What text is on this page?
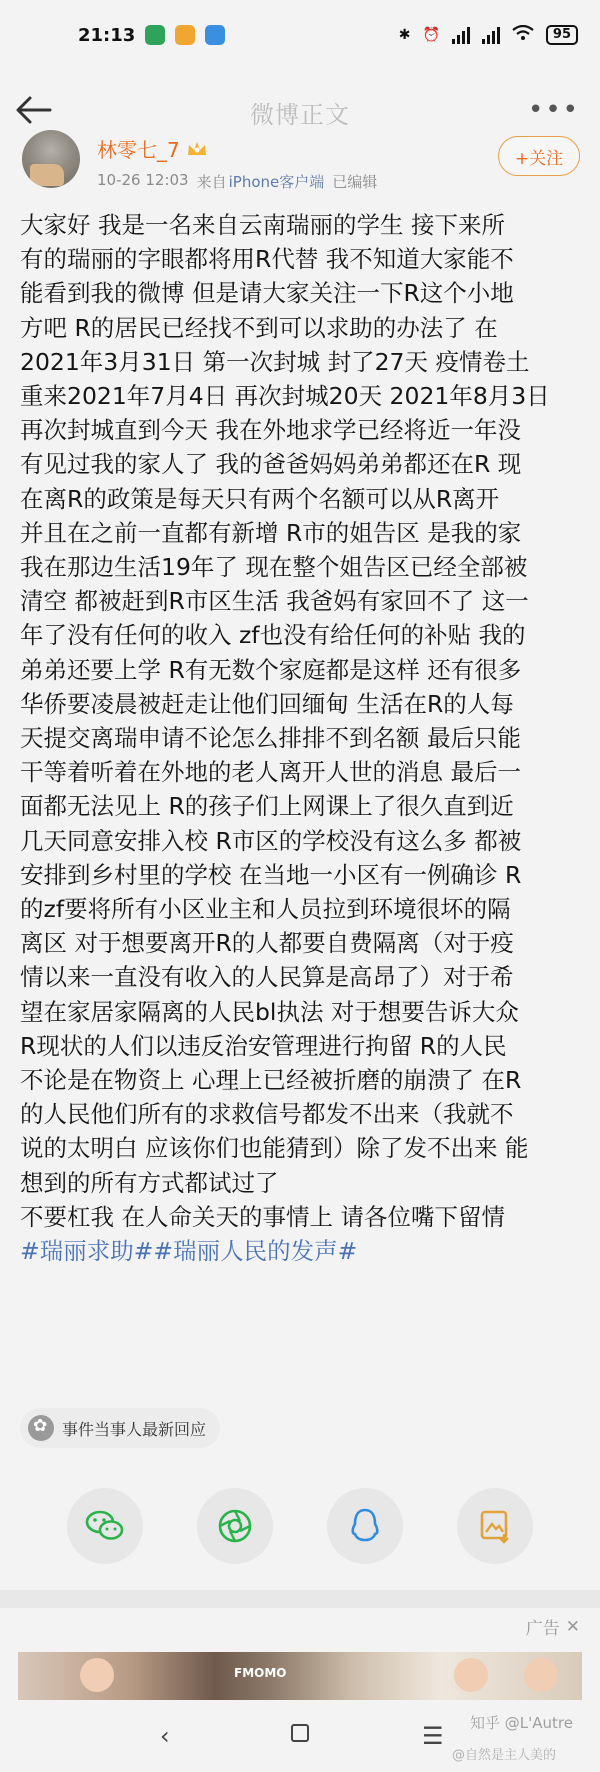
21:13	✱ ⏰	95
微博正文	•••
林零七_7
10-26 12:03 来自 iPhone客户端 已编辑
+关注
大家好 我是一名来自云南瑞丽的学生 接下来所
有的瑞丽的字眼都将用R代替 我不知道大家能不
能看到我的微博 但是请大家关注一下R这个小地
方吧 R的居民已经找不到可以求助的办法了 在
2021年3月31日 第一次封城 封了27天 疫情卷土
重来2021年7月4日 再次封城20天 2021年8月3日
再次封城直到今天 我在外地求学已经将近一年没
有见过我的家人了 我的爸爸妈妈弟弟都还在R 现
在离R的政策是每天只有两个名额可以从R离开
并且在之前一直都有新增 R市的姐告区 是我的家
我在那边生活19年了 现在整个姐告区已经全部被
清空 都被赶到R市区生活 我爸妈有家回不了 这一
年了没有任何的收入 zf也没有给任何的补贴 我的
弟弟还要上学 R有无数个家庭都是这样 还有很多
华侨要凌晨被赶走让他们回缅甸 生活在R的人每
天提交离瑞申请不论怎么排排不到名额 最后只能
干等着听着在外地的老人离开人世的消息 最后一
面都无法见上 R的孩子们上网课上了很久直到近
几天同意安排入校 R市区的学校没有这么多 都被
安排到乡村里的学校 在当地一小区有一例确诊 R
的zf要将所有小区业主和人员拉到环境很坏的隔
离区 对于想要离开R的人都要自费隔离（对于疫
情以来一直没有收入的人民算是高昂了）对于希
望在家居家隔离的人民bl执法 对于想要告诉大众
R现状的人们以违反治安管理进行拘留 R的人民
不论是在物资上 心理上已经被折磨的崩溃了 在R
的人民他们所有的求救信号都发不出来（我就不
说的太明白 应该你们也能猜到）除了发不出来 能
想到的所有方式都试过了
不要杠我 在人命关天的事情上 请各位嘴下留情
#瑞丽求助##瑞丽人民的发声#
✿
事件当事人最新回应
广告 ✕
FMOMO
‹	☰ 知乎 @L'Autre
@自然是主人美的
